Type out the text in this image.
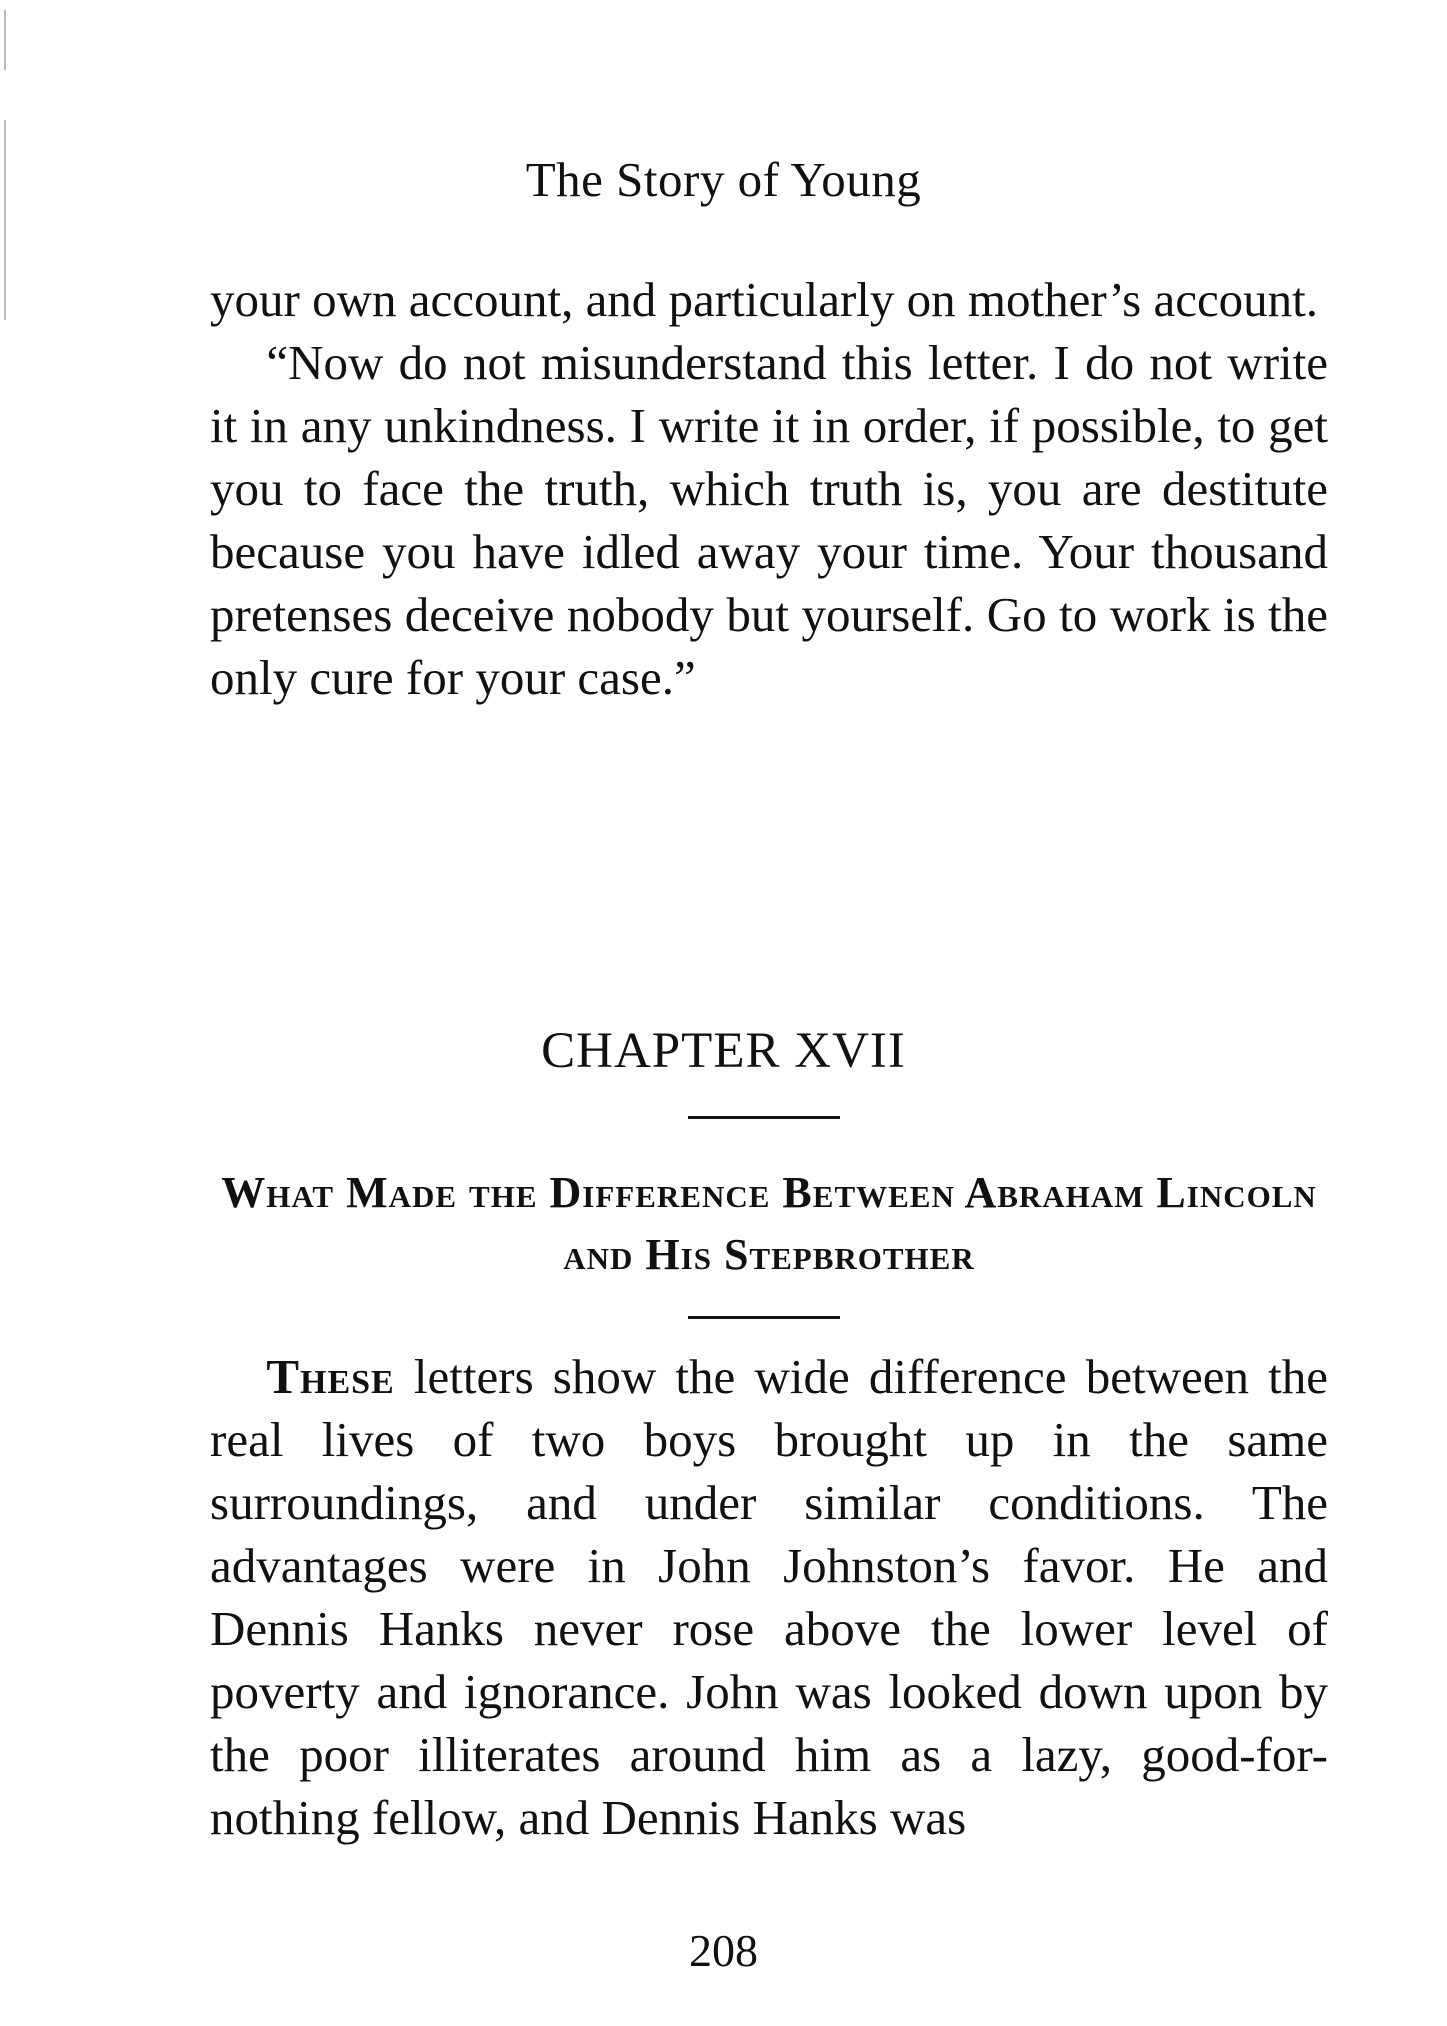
The Story of Young

your own account, and particularly on mother’s account.

“Now do not misunderstand this letter. I do not write it in any unkindness. I write it in order, if possible, to get you to face the truth, which truth is, you are destitute because you have idled away your time. Your thousand pretenses deceive nobody but yourself. Go to work is the only cure for your case.”

CHAPTER XVII
What Made the Difference Between Abraham Lincoln and His Stepbrother

These letters show the wide difference between the real lives of two boys brought up in the same surroundings, and under similar conditions. The advantages were in John Johnston’s favor. He and Dennis Hanks never rose above the lower level of poverty and ignorance. John was looked down upon by the poor illiterates around him as a lazy, good-for-nothing fellow, and Dennis Hanks was

208
